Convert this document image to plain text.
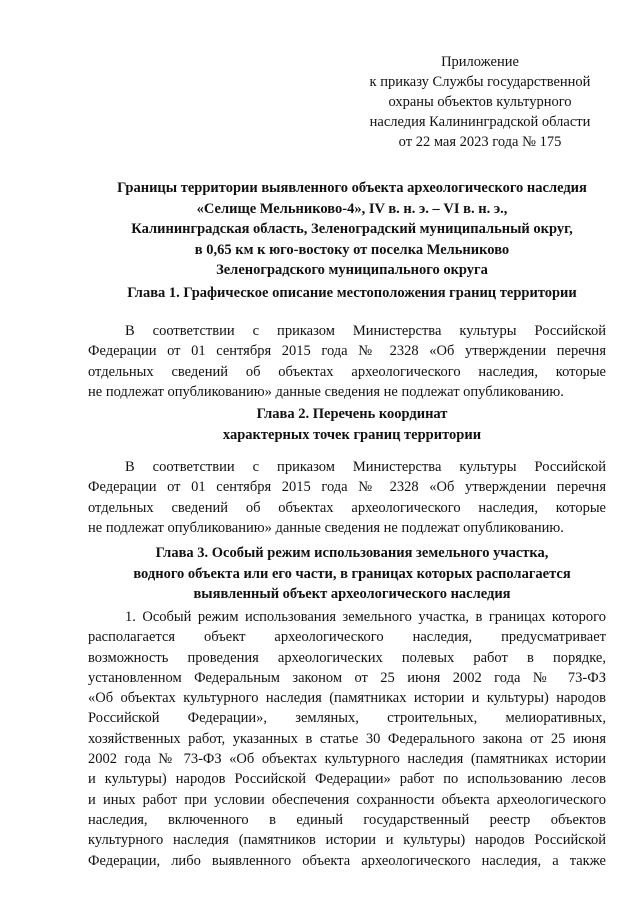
Приложение
к приказу Службы государственной
охраны объектов культурного
наследия Калининградской области
от 22 мая 2023 года № 175
Границы территории выявленного объекта археологического наследия
«Селище Мельниково-4», IV в. н. э. – VI в. н. э.,
Калининградская область, Зеленоградский муниципальный округ,
в 0,65 км к юго-востоку от поселка Мельниково
Зеленоградского муниципального округа
Глава 1. Графическое описание местоположения границ территории
В соответствии с приказом Министерства культуры Российской
Федерации от 01 сентября 2015 года № 2328 «Об утверждении перечня
отдельных сведений об объектах археологического наследия, которые
не подлежат опубликованию» данные сведения не подлежат опубликованию.
Глава 2. Перечень координат
характерных точек границ территории
В соответствии с приказом Министерства культуры Российской
Федерации от 01 сентября 2015 года № 2328 «Об утверждении перечня
отдельных сведений об объектах археологического наследия, которые
не подлежат опубликованию» данные сведения не подлежат опубликованию.
Глава 3. Особый режим использования земельного участка,
водного объекта или его части, в границах которых располагается
выявленный объект археологического наследия
1. Особый режим использования земельного участка, в границах которого
располагается объект археологического наследия, предусматривает
возможность проведения археологических полевых работ в порядке,
установленном Федеральным законом от 25 июня 2002 года № 73-ФЗ
«Об объектах культурного наследия (памятниках истории и культуры) народов
Российской Федерации», земляных, строительных, мелиоративных,
хозяйственных работ, указанных в статье 30 Федерального закона от 25 июня
2002 года № 73-ФЗ «Об объектах культурного наследия (памятниках истории
и культуры) народов Российской Федерации» работ по использованию лесов
и иных работ при условии обеспечения сохранности объекта археологического
наследия, включенного в единый государственный реестр объектов
культурного наследия (памятников истории и культуры) народов Российской
Федерации, либо выявленного объекта археологического наследия, а также
